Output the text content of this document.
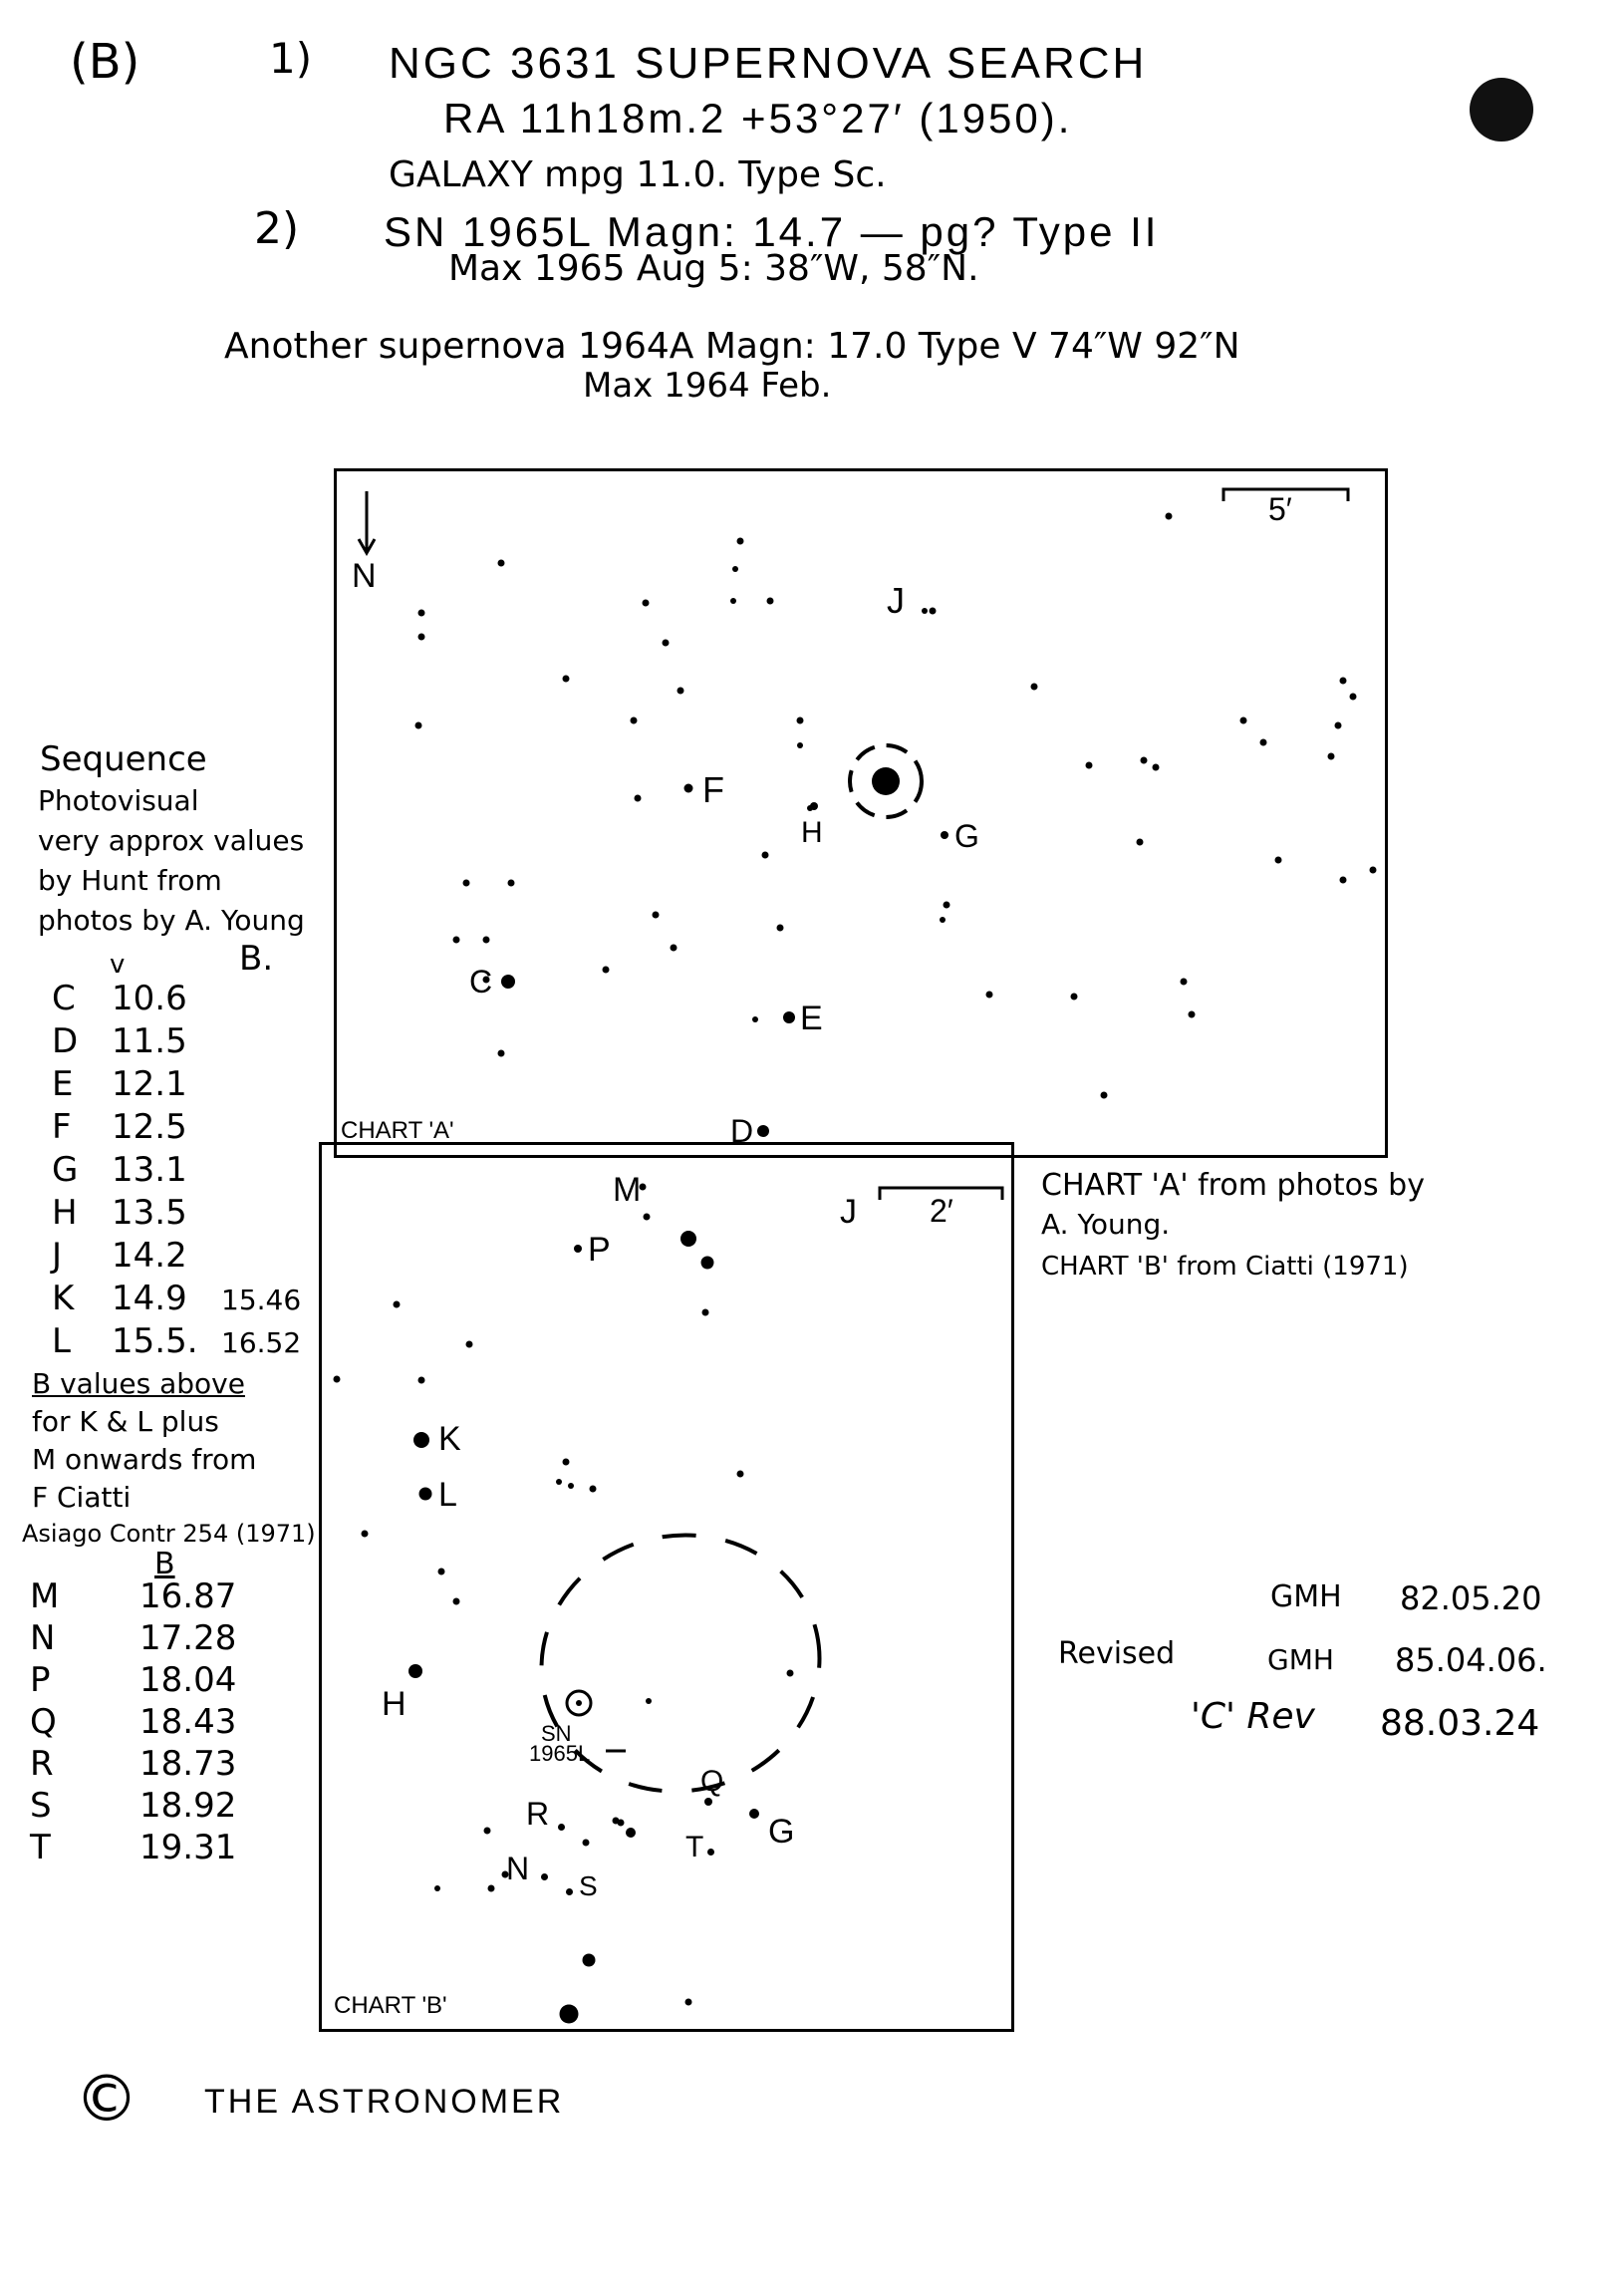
(B)	1) NGC 3631 SUPERNOVA SEARCH
RA 11h18m.2 +53°27′ (1950).
GALAXY mpg 11.0. Type Sc.
2) SN 1965L Magn: 14.7 — pg? Type II
Max 1965 Aug 5: 38″W, 58″N.
Another supernova 1964A Magn: 17.0 Type V 74″W 92″N
Max 1964 Feb.
Sequence
Photovisual
very approx values
by Hunt from
photos by A. Young
v	B.
C 10.6
D 11.5
E 12.1
F 12.5
G 13.1
H 13.5
J 14.2
K 14.9 15.46
L 15.5. 16.52
B values above
for K & L plus
M onwards from
F Ciatti
Asiago Contr 254 (1971)
B
M 16.87
N 17.28
P	18.04
Q 18.43
R	18.73
S	18.92
T	19.31
N
5′
J
F
H	G
C
E
D
CHART 'A'
2′
M
J
P
K
L
H
SN
1965L
Q
G
T
R
N S
CHART 'B'
CHART 'A' from photos by
A. Young.
CHART 'B' from Ciatti (1971)
GMH 82.05.20
Revised	GMH 85.04.06.
'C' Rev 88.03.24
© THE ASTRONOMER
